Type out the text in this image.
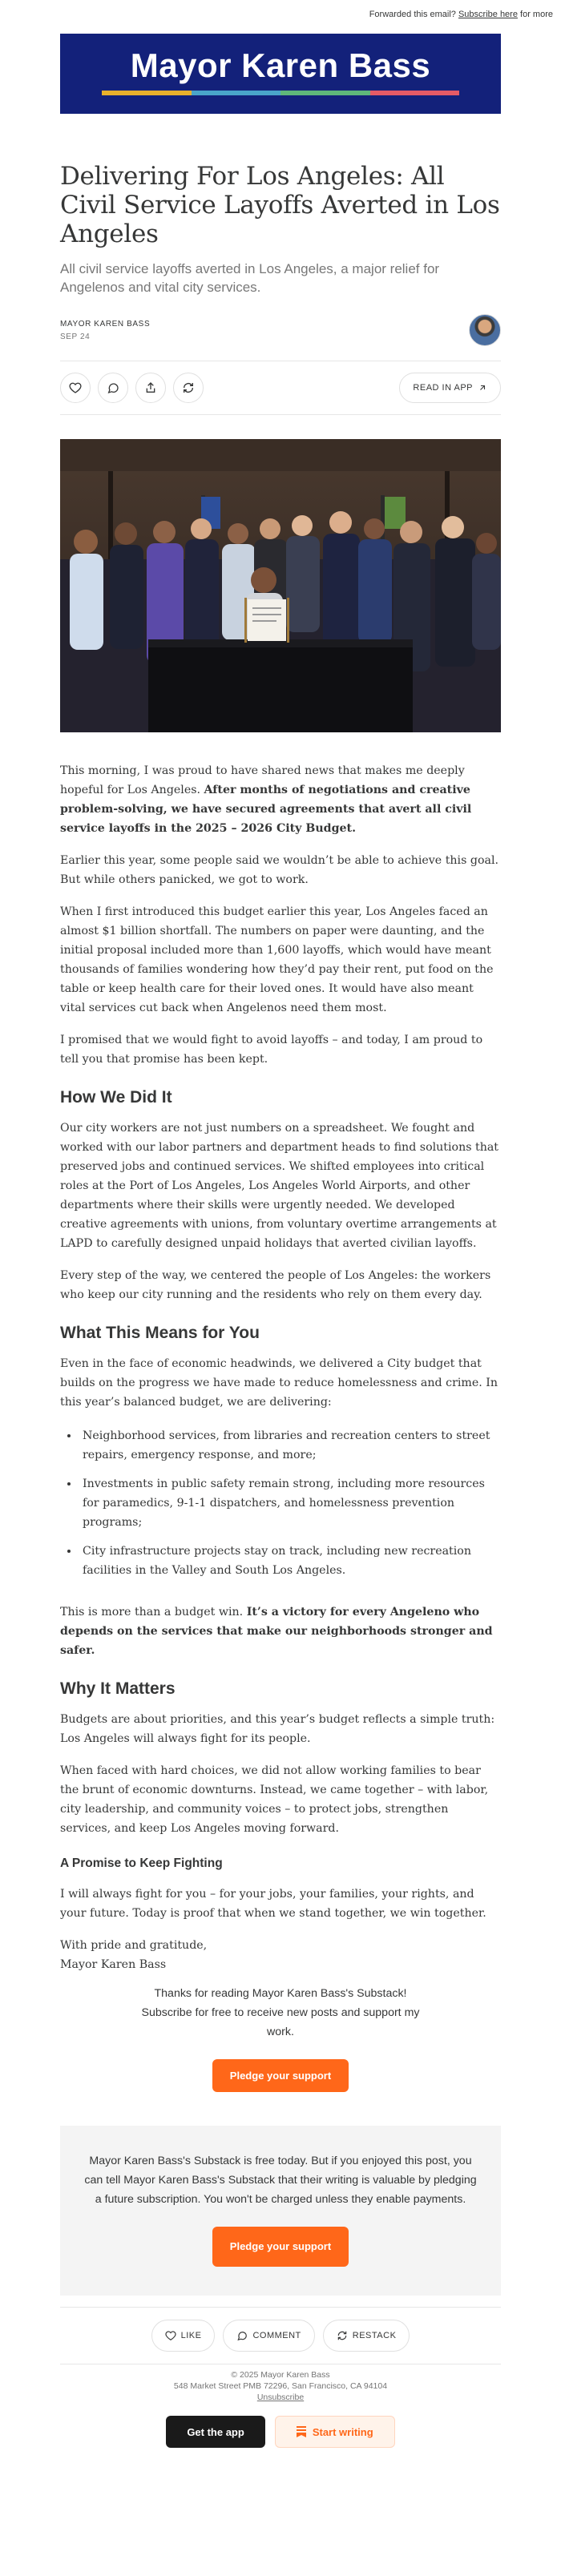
Forwarded this email? Subscribe here for more
Mayor Karen Bass
Delivering For Los Angeles: All Civil Service Layoffs Averted in Los Angeles
All civil service layoffs averted in Los Angeles, a major relief for Angelenos and vital city services.
MAYOR KAREN BASS
SEP 24
READ IN APP

This morning, I was proud to have shared news that makes me deeply hopeful for Los Angeles. After months of negotiations and creative problem-solving, we have secured agreements that avert all civil service layoffs in the 2025 – 2026 City Budget.

Earlier this year, some people said we wouldn’t be able to achieve this goal. But while others panicked, we got to work.

When I first introduced this budget earlier this year, Los Angeles faced an almost $1 billion shortfall. The numbers on paper were daunting, and the initial proposal included more than 1,600 layoffs, which would have meant thousands of families wondering how they’d pay their rent, put food on the table or keep health care for their loved ones. It would have also meant vital services cut back when Angelenos need them most.

I promised that we would fight to avoid layoffs – and today, I am proud to tell you that promise has been kept.

How We Did It

Our city workers are not just numbers on a spreadsheet. We fought and worked with our labor partners and department heads to find solutions that preserved jobs and continued services. We shifted employees into critical roles at the Port of Los Angeles, Los Angeles World Airports, and other departments where their skills were urgently needed. We developed creative agreements with unions, from voluntary overtime arrangements at LAPD to carefully designed unpaid holidays that averted civilian layoffs.

Every step of the way, we centered the people of Los Angeles: the workers who keep our city running and the residents who rely on them every day.

What This Means for You

Even in the face of economic headwinds, we delivered a City budget that builds on the progress we have made to reduce homelessness and crime. In this year’s balanced budget, we are delivering:

• Neighborhood services, from libraries and recreation centers to street repairs, emergency response, and more;
• Investments in public safety remain strong, including more resources for paramedics, 9-1-1 dispatchers, and homelessness prevention programs;
• City infrastructure projects stay on track, including new recreation facilities in the Valley and South Los Angeles.

This is more than a budget win. It’s a victory for every Angeleno who depends on the services that make our neighborhoods stronger and safer.

Why It Matters

Budgets are about priorities, and this year’s budget reflects a simple truth: Los Angeles will always fight for its people.

When faced with hard choices, we did not allow working families to bear the brunt of economic downturns. Instead, we came together – with labor, city leadership, and community voices – to protect jobs, strengthen services, and keep Los Angeles moving forward.

A Promise to Keep Fighting

I will always fight for you – for your jobs, your families, your rights, and your future. Today is proof that when we stand together, we win together.

With pride and gratitude,
Mayor Karen Bass

Thanks for reading Mayor Karen Bass's Substack! Subscribe for free to receive new posts and support my work.
Pledge your support
Mayor Karen Bass's Substack is free today. But if you enjoyed this post, you can tell Mayor Karen Bass's Substack that their writing is valuable by pledging a future subscription. You won't be charged unless they enable payments.
Pledge your support
LIKE	COMMENT	RESTACK
© 2025 Mayor Karen Bass
548 Market Street PMB 72296, San Francisco, CA 94104
Unsubscribe
Get the app	Start writing
